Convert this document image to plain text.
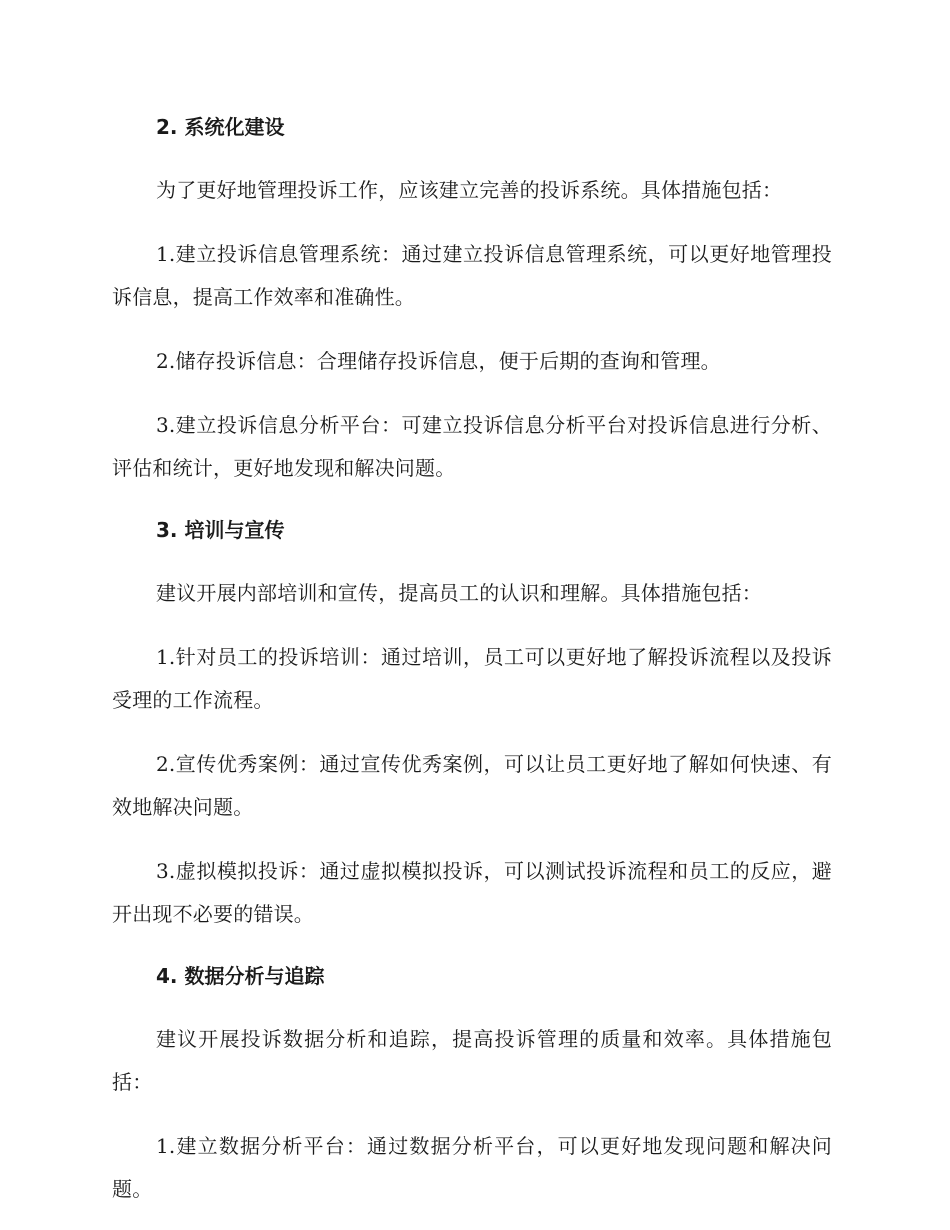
2. 系统化建设

为了更好地管理投诉工作，应该建立完善的投诉系统。具体措施包括：

1.建立投诉信息管理系统：通过建立投诉信息管理系统，可以更好地管理投诉信息，提高工作效率和准确性。

2.储存投诉信息：合理储存投诉信息，便于后期的查询和管理。

3.建立投诉信息分析平台：可建立投诉信息分析平台对投诉信息进行分析、评估和统计，更好地发现和解决问题。

3. 培训与宣传

建议开展内部培训和宣传，提高员工的认识和理解。具体措施包括：

1.针对员工的投诉培训：通过培训，员工可以更好地了解投诉流程以及投诉受理的工作流程。

2.宣传优秀案例：通过宣传优秀案例，可以让员工更好地了解如何快速、有效地解决问题。

3.虚拟模拟投诉：通过虚拟模拟投诉，可以测试投诉流程和员工的反应，避开出现不必要的错误。

4. 数据分析与追踪

建议开展投诉数据分析和追踪，提高投诉管理的质量和效率。具体措施包括：

1.建立数据分析平台：通过数据分析平台，可以更好地发现问题和解决问题。
